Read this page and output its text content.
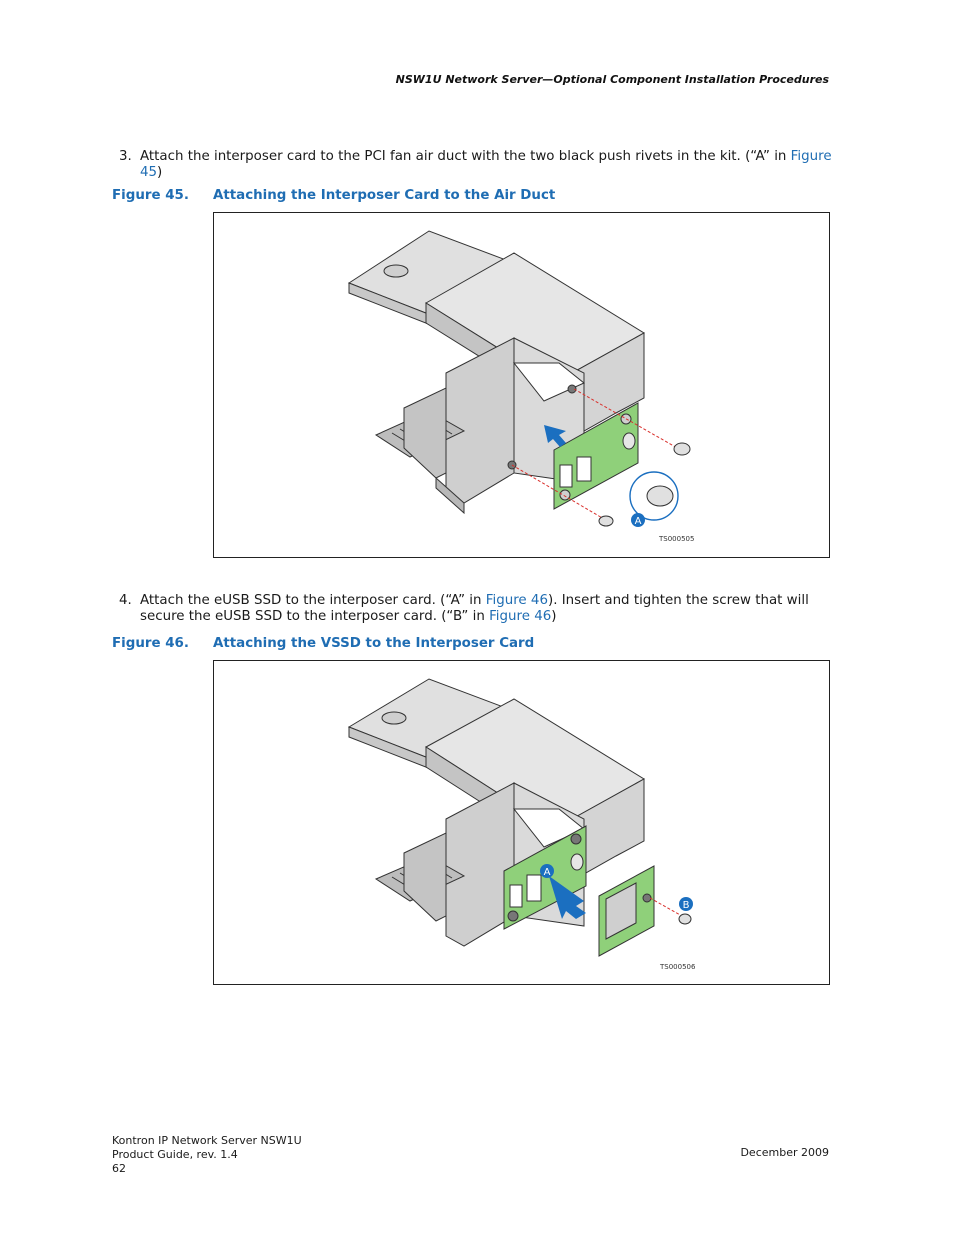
NSW1U Network Server—Optional Component Installation Procedures
3. Attach the interposer card to the PCI fan air duct with the two black push rivets in the kit. (“A” in Figure 45)
Figure 45. Attaching the Interposer Card to the Air Duct
A
TS000505
4. Attach the eUSB SSD to the interposer card. (“A” in Figure 46). Insert and tighten the screw that will secure the eUSB SSD to the interposer card. (“B” in Figure 46)
Figure 46. Attaching the VSSD to the Interposer Card
A
B
TS000506
Kontron IP Network Server NSW1U
Product Guide, rev. 1.4
62
December 2009
